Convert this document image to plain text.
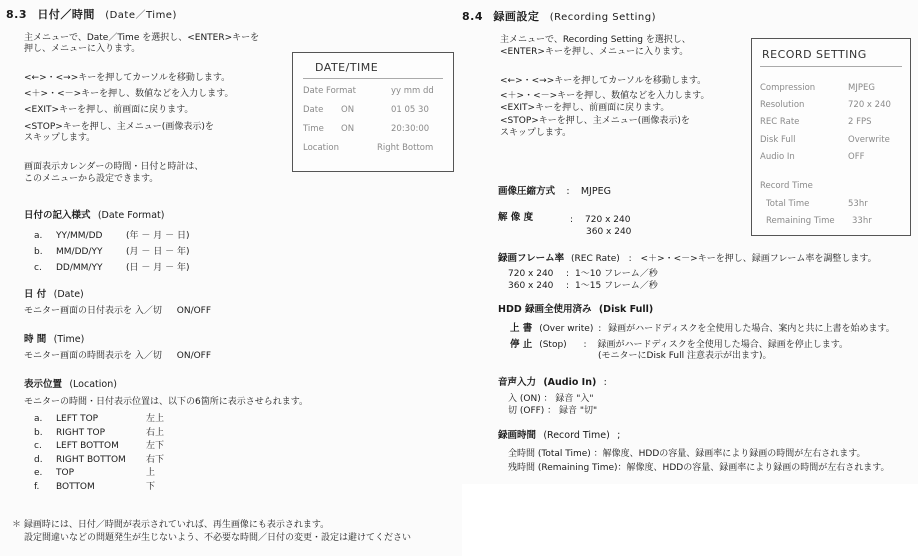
8.3 日付／時間 (Date／Time)
主メニューで、Date／Time を選択し、<ENTER>キーを
押し、メニューに入ります。
<←>・<→>キーを押してカーソルを移動します。
<＋>・<－>キーを押し、数値などを入力します。
<EXIT>キーを押し、前画面に戻ります。
<STOP>キーを押し、主メニュー(画像表示)を
スキップします。
画面表示カレンダーの時間・日付と時計は、
このメニューから設定できます。
DATE/TIME
Date Format	yy mm dd
Date ON	01 05 30
Time ON	20:30:00
Location	Right Bottom
日付の記入様式 (Date Format)
a. YY/MM/DD	(年 － 月 － 日)
b. MM/DD/YY	(月 － 日 － 年)
c. DD/MM/YY	(日 － 月 － 年)
日 付 (Date)
モニター画面の日付表示を 入／切 ON/OFF
時 間 (Time)
モニター画面の時間表示を 入／切 ON/OFF
表示位置 (Location)
モニターの時間・日付表示位置は、以下の6箇所に表示させられます。
a. LEFT TOP	左上
b. RIGHT TOP	右上
c. LEFT BOTTOM	左下
d. RIGHT BOTTOM 右下
e. TOP	上
f. BOTTOM	下
＊ 録画時には、日付／時間が表示されていれば、再生画像にも表示されます。
設定間違いなどの問題発生が生じないよう、不必要な時間／日付の変更・設定は避けてください
8.4 録画設定 (Recording Setting)
主メニューで、Recording Setting を選択し、
<ENTER>キーを押し、メニューに入ります。
<←>・<→>キーを押してカーソルを移動します。
<＋>・<－>キーを押し、数値などを入力します。
<EXIT>キーを押し、前画面に戻ります。
<STOP>キーを押し、主メニュー(画像表示)を
スキップします。
RECORD SETTING
Compression	MJPEG
Resolution	720 x 240
REC Rate	2 FPS
Disk Full	Overwrite
Audio In	OFF
Record Time
Total Time	53hr
Remaining Time 33hr
画像圧縮方式 : MJPEG
解 像 度	: 720 x 240
360 x 240
録画フレーム率 (REC Rate) : <＋>・<－>キーを押し、録画フレーム率を調整します。
720 x 240 : 1～10 フレーム／秒
360 x 240 : 1～15 フレーム／秒
HDD 録画全使用済み (Disk Full)
上 書 (Over write) : 録画がハードディスクを全使用した場合、案内と共に上書を始めます。
停 止 (Stop) : 録画がハードディスクを全使用した場合、録画を停止します。
(モニターにDisk Full 注意表示が出ます)。
音声入力 (Audio In) :
入 (ON) ： 録音 "入"
切 (OFF) ： 録音 "切"
録画時間 (Record Time) ;
全時間 (Total Time) ：解像度、HDDの容量、録画率により録画の時間が左右されます。
残時間 (Remaining Time)：解像度、HDDの容量、録画率により録画の時間が左右されます。
